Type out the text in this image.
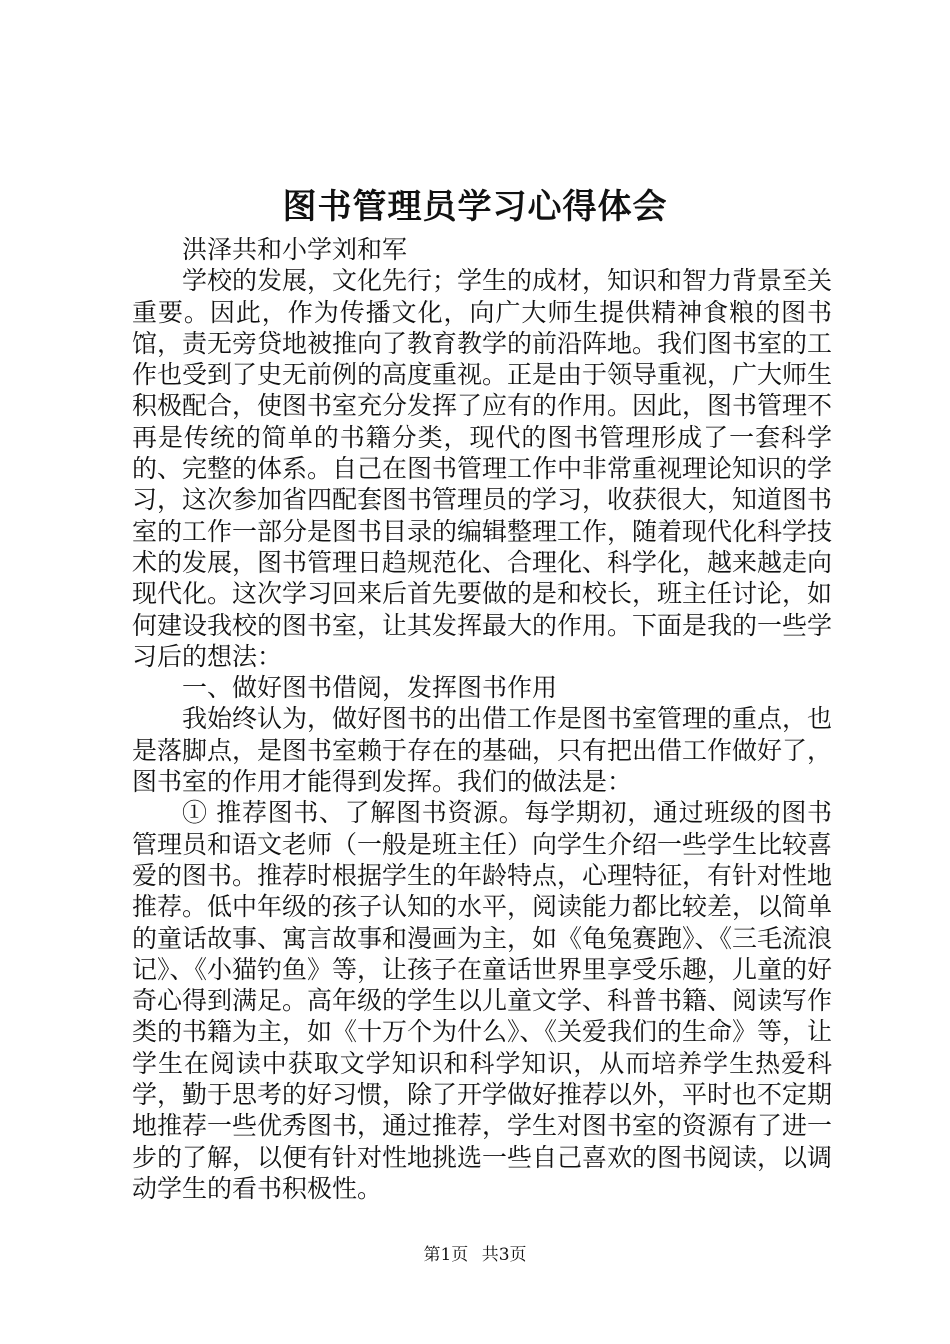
图书管理员学习心得体会

洪泽共和小学刘和军

学校的发展，文化先行；学生的成材，知识和智力背景至关重要。因此，作为传播文化，向广大师生提供精神食粮的图书馆，责无旁贷地被推向了教育教学的前沿阵地。我们图书室的工作也受到了史无前例的高度重视。正是由于领导重视，广大师生积极配合，使图书室充分发挥了应有的作用。因此，图书管理不再是传统的简单的书籍分类，现代的图书管理形成了一套科学的、完整的体系。自己在图书管理工作中非常重视理论知识的学习，这次参加省四配套图书管理员的学习，收获很大，知道图书室的工作一部分是图书目录的编辑整理工作，随着现代化科学技术的发展，图书管理日趋规范化、合理化、科学化，越来越走向现代化。这次学习回来后首先要做的是和校长，班主任讨论，如何建设我校的图书室，让其发挥最大的作用。下面是我的一些学习后的想法：

一、做好图书借阅，发挥图书作用

我始终认为，做好图书的出借工作是图书室管理的重点，也是落脚点，是图书室赖于存在的基础，只有把出借工作做好了，图书室的作用才能得到发挥。我们的做法是：

① 推荐图书、了解图书资源。每学期初，通过班级的图书管理员和语文老师（一般是班主任）向学生介绍一些学生比较喜爱的图书。推荐时根据学生的年龄特点，心理特征，有针对性地推荐。低中年级的孩子认知的水平，阅读能力都比较差，以简单的童话故事、寓言故事和漫画为主，如《龟兔赛跑》、《三毛流浪记》、《小猫钓鱼》等，让孩子在童话世界里享受乐趣，儿童的好奇心得到满足。高年级的学生以儿童文学、科普书籍、阅读写作类的书籍为主，如《十万个为什么》、《关爱我们的生命》等，让学生在阅读中获取文学知识和科学知识，从而培养学生热爱科学，勤于思考的好习惯，除了开学做好推荐以外，平时也不定期地推荐一些优秀图书，通过推荐，学生对图书室的资源有了进一步的了解，以便有针对性地挑选一些自己喜欢的图书阅读，以调动学生的看书积极性。

第1页 共3页
